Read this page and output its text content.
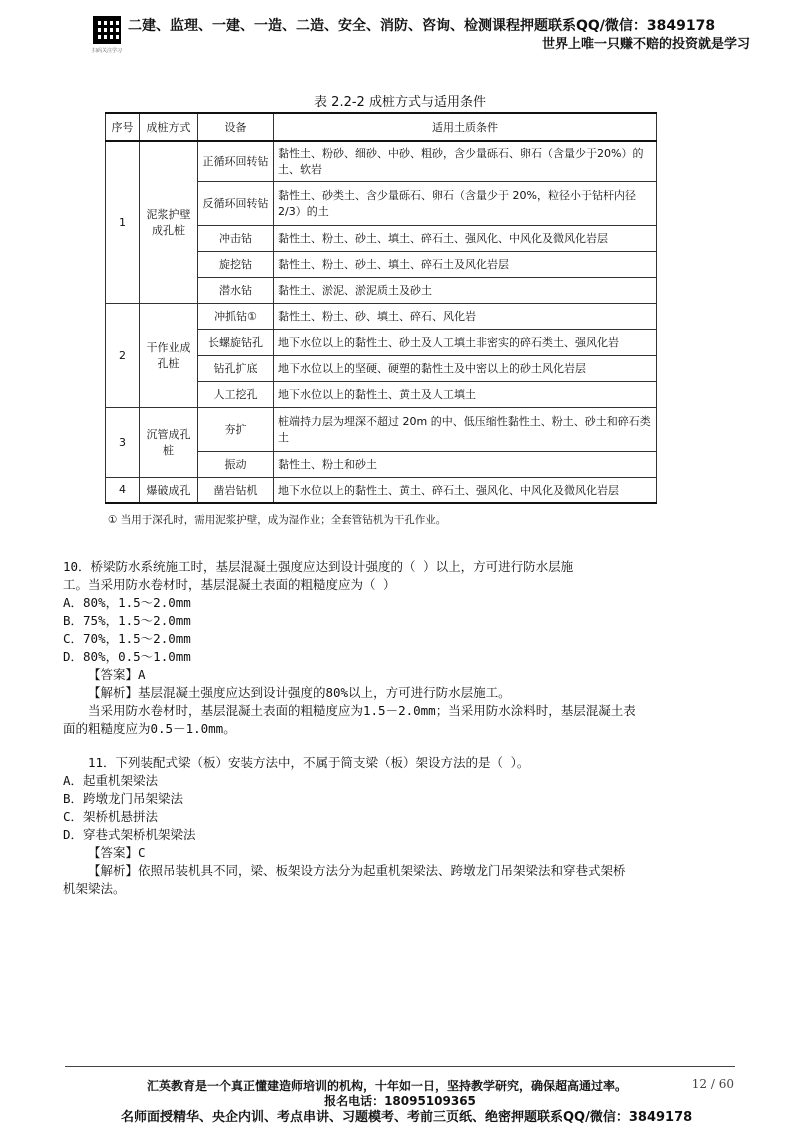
扫码关注学习
二建、监理、一建、一造、二造、安全、消防、咨询、检测课程押题联系QQ/微信：3849178
世界上唯一只赚不赔的投资就是学习
表 2.2-2 成桩方式与适用条件
序号	成桩方式	设备	适用土质条件
1	泥浆护壁成孔桩	正循环回转钻	黏性土、粉砂、细砂、中砂、粗砂，含少量砾石、卵石（含量少于20%）的土、软岩
		反循环回转钻	黏性土、砂类土、含少量砾石、卵石（含量少于 20%，粒径小于钻杆内径 2/3）的土
		冲击钻	黏性土、粉土、砂土、填土、碎石土、强风化、中风化及微风化岩层
		旋挖钻	黏性土、粉土、砂土、填土、碎石土及风化岩层
		潜水钻	黏性土、淤泥、淤泥质土及砂土
2	干作业成孔桩	冲抓钻①	黏性土、粉土、砂、填土、碎石、风化岩
		长螺旋钻孔	地下水位以上的黏性土、砂土及人工填土非密实的碎石类土、强风化岩
		钻孔扩底	地下水位以上的坚硬、硬塑的黏性土及中密以上的砂土风化岩层
		人工挖孔	地下水位以上的黏性土、黄土及人工填土
3	沉管成孔桩	夯扩	桩端持力层为埋深不超过 20m 的中、低压缩性黏性土、粉土、砂土和碎石类土
		振动	黏性土、粉土和砂土
4	爆破成孔	凿岩钻机	地下水位以上的黏性土、黄土、碎石土、强风化、中风化及微风化岩层
① 当用于深孔时，需用泥浆护壁，成为湿作业；全套管钻机为干孔作业。

10．桥梁防水系统施工时，基层混凝土强度应达到设计强度的（ ）以上，方可进行防水层施

工。当采用防水卷材时，基层混凝土表面的粗糙度应为（ ）

A．80%，1.5～2.0mm

B．75%，1.5～2.0mm

C．70%，1.5～2.0mm

D．80%，0.5～1.0mm

【答案】A

【解析】基层混凝土强度应达到设计强度的80%以上，方可进行防水层施工。

当采用防水卷材时，基层混凝土表面的粗糙度应为1.5－2.0mm；当采用防水涂料时，基层混凝土表

面的粗糙度应为0.5－1.0mm。

11．下列装配式梁（板）安装方法中，不属于简支梁（板）架设方法的是（ ）。

A．起重机架梁法

B．跨墩龙门吊架梁法

C．架桥机悬拼法

D．穿巷式架桥机架梁法

【答案】C

【解析】依照吊装机具不同，梁、板架设方法分为起重机架梁法、跨墩龙门吊架梁法和穿巷式架桥

机架梁法。

汇英教育是一个真正懂建造师培训的机构，十年如一日，坚持教学研究，确保超高通过率。	12 / 60
报名电话：18095109365
名师面授精华、央企内训、考点串讲、习题模考、考前三页纸、绝密押题联系QQ/微信：3849178
